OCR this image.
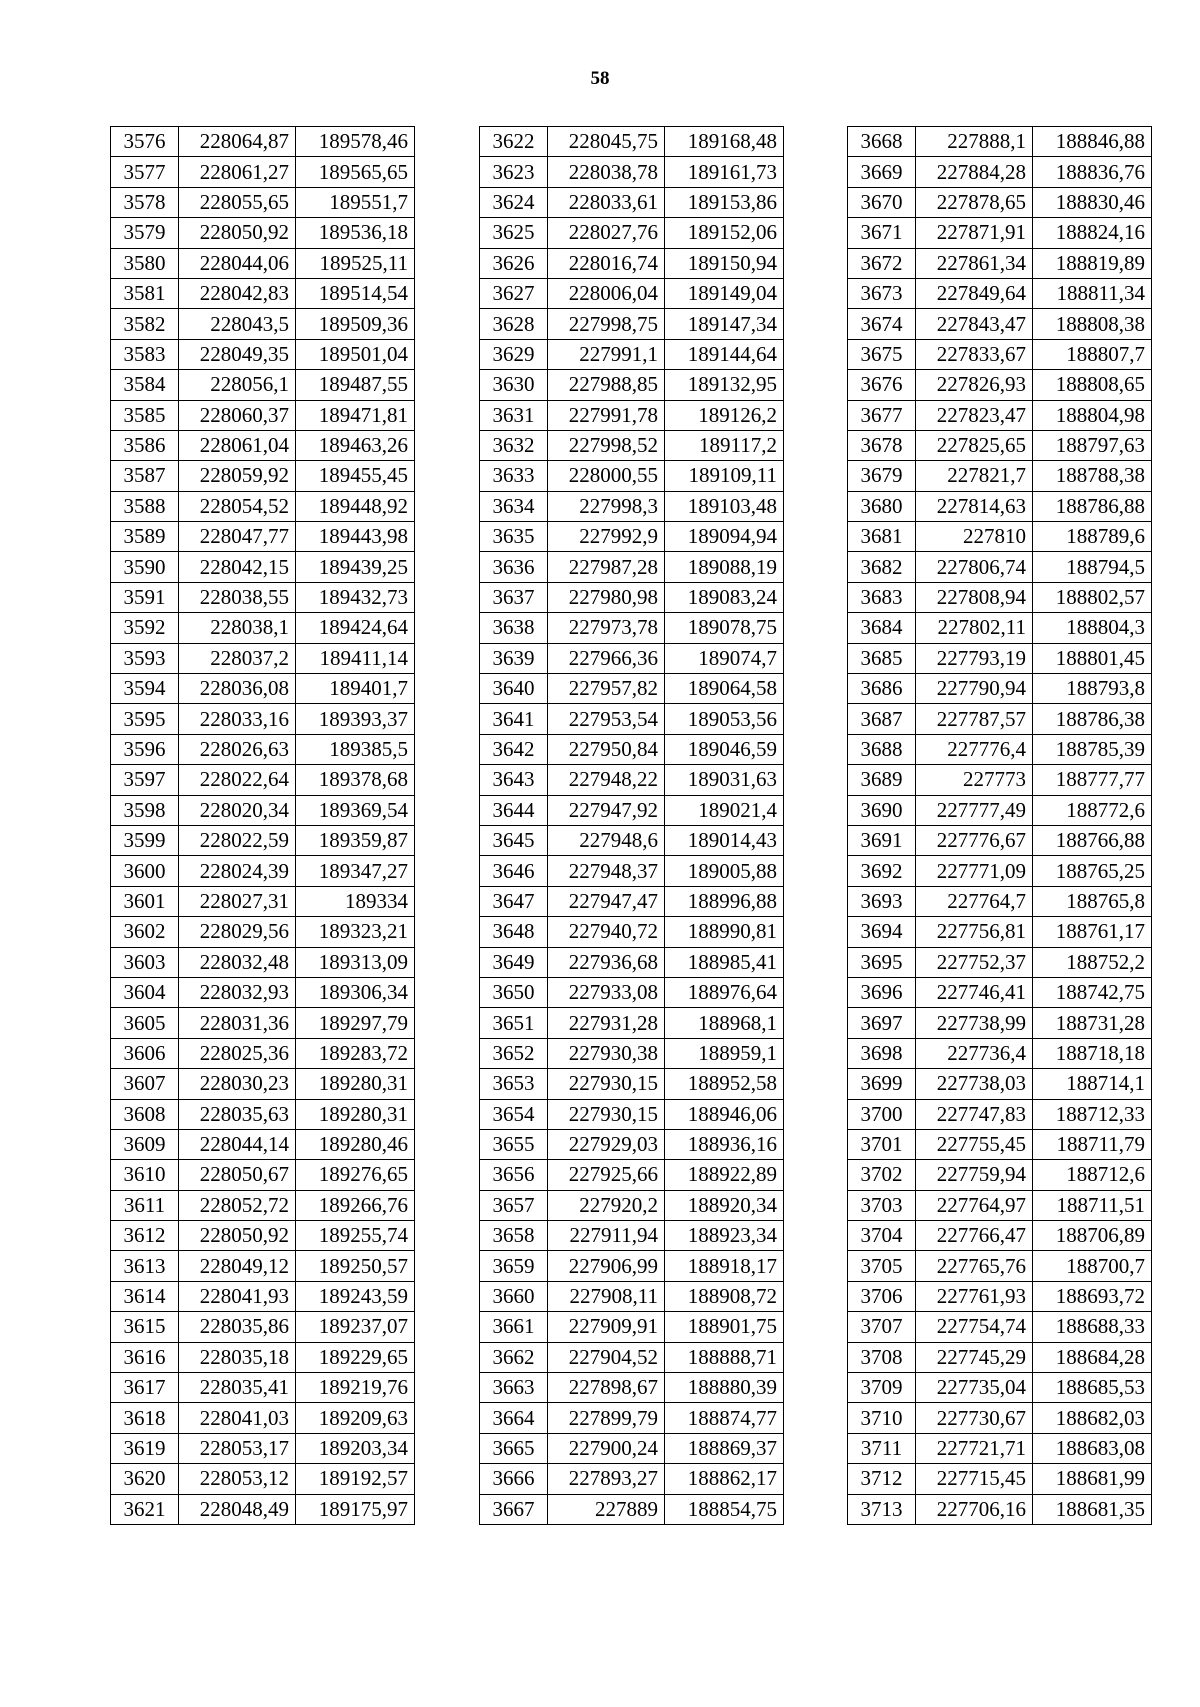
58
3576	228064,87	189578,46
3577	228061,27	189565,65
3578	228055,65	189551,7
3579	228050,92	189536,18
3580	228044,06	189525,11
3581	228042,83	189514,54
3582	228043,5	189509,36
3583	228049,35	189501,04
3584	228056,1	189487,55
3585	228060,37	189471,81
3586	228061,04	189463,26
3587	228059,92	189455,45
3588	228054,52	189448,92
3589	228047,77	189443,98
3590	228042,15	189439,25
3591	228038,55	189432,73
3592	228038,1	189424,64
3593	228037,2	189411,14
3594	228036,08	189401,7
3595	228033,16	189393,37
3596	228026,63	189385,5
3597	228022,64	189378,68
3598	228020,34	189369,54
3599	228022,59	189359,87
3600	228024,39	189347,27
3601	228027,31	189334
3602	228029,56	189323,21
3603	228032,48	189313,09
3604	228032,93	189306,34
3605	228031,36	189297,79
3606	228025,36	189283,72
3607	228030,23	189280,31
3608	228035,63	189280,31
3609	228044,14	189280,46
3610	228050,67	189276,65
3611	228052,72	189266,76
3612	228050,92	189255,74
3613	228049,12	189250,57
3614	228041,93	189243,59
3615	228035,86	189237,07
3616	228035,18	189229,65
3617	228035,41	189219,76
3618	228041,03	189209,63
3619	228053,17	189203,34
3620	228053,12	189192,57
3621	228048,49	189175,97
3622	228045,75	189168,48
3623	228038,78	189161,73
3624	228033,61	189153,86
3625	228027,76	189152,06
3626	228016,74	189150,94
3627	228006,04	189149,04
3628	227998,75	189147,34
3629	227991,1	189144,64
3630	227988,85	189132,95
3631	227991,78	189126,2
3632	227998,52	189117,2
3633	228000,55	189109,11
3634	227998,3	189103,48
3635	227992,9	189094,94
3636	227987,28	189088,19
3637	227980,98	189083,24
3638	227973,78	189078,75
3639	227966,36	189074,7
3640	227957,82	189064,58
3641	227953,54	189053,56
3642	227950,84	189046,59
3643	227948,22	189031,63
3644	227947,92	189021,4
3645	227948,6	189014,43
3646	227948,37	189005,88
3647	227947,47	188996,88
3648	227940,72	188990,81
3649	227936,68	188985,41
3650	227933,08	188976,64
3651	227931,28	188968,1
3652	227930,38	188959,1
3653	227930,15	188952,58
3654	227930,15	188946,06
3655	227929,03	188936,16
3656	227925,66	188922,89
3657	227920,2	188920,34
3658	227911,94	188923,34
3659	227906,99	188918,17
3660	227908,11	188908,72
3661	227909,91	188901,75
3662	227904,52	188888,71
3663	227898,67	188880,39
3664	227899,79	188874,77
3665	227900,24	188869,37
3666	227893,27	188862,17
3667	227889	188854,75
3668	227888,1	188846,88
3669	227884,28	188836,76
3670	227878,65	188830,46
3671	227871,91	188824,16
3672	227861,34	188819,89
3673	227849,64	188811,34
3674	227843,47	188808,38
3675	227833,67	188807,7
3676	227826,93	188808,65
3677	227823,47	188804,98
3678	227825,65	188797,63
3679	227821,7	188788,38
3680	227814,63	188786,88
3681	227810	188789,6
3682	227806,74	188794,5
3683	227808,94	188802,57
3684	227802,11	188804,3
3685	227793,19	188801,45
3686	227790,94	188793,8
3687	227787,57	188786,38
3688	227776,4	188785,39
3689	227773	188777,77
3690	227777,49	188772,6
3691	227776,67	188766,88
3692	227771,09	188765,25
3693	227764,7	188765,8
3694	227756,81	188761,17
3695	227752,37	188752,2
3696	227746,41	188742,75
3697	227738,99	188731,28
3698	227736,4	188718,18
3699	227738,03	188714,1
3700	227747,83	188712,33
3701	227755,45	188711,79
3702	227759,94	188712,6
3703	227764,97	188711,51
3704	227766,47	188706,89
3705	227765,76	188700,7
3706	227761,93	188693,72
3707	227754,74	188688,33
3708	227745,29	188684,28
3709	227735,04	188685,53
3710	227730,67	188682,03
3711	227721,71	188683,08
3712	227715,45	188681,99
3713	227706,16	188681,35
